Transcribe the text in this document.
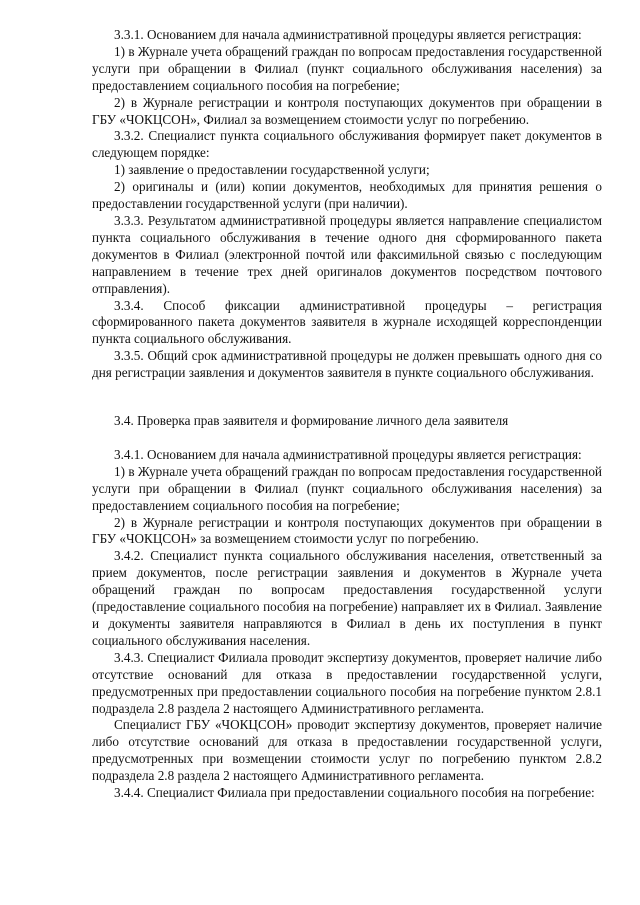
3.3.1. Основанием для начала административной процедуры является регистрация:

1) в Журнале учета обращений граждан по вопросам предоставления государственной услуги при обращении в Филиал (пункт социального обслуживания населения) за предоставлением социального пособия на погребение;

2) в Журнале регистрации и контроля поступающих документов при обращении в ГБУ «ЧОКЦСОН», Филиал за возмещением стоимости услуг по погребению.

3.3.2. Специалист пункта социального обслуживания формирует пакет документов в следующем порядке:

1) заявление о предоставлении государственной услуги;

2) оригиналы и (или) копии документов, необходимых для принятия решения о предоставлении государственной услуги (при наличии).

3.3.3. Результатом административной процедуры является направление специалистом пункта социального обслуживания в течение одного дня сформированного пакета документов в Филиал (электронной почтой или факсимильной связью с последующим направлением в течение трех дней оригиналов документов посредством почтового отправления).

3.3.4. Способ фиксации административной процедуры – регистрация сформированного пакета документов заявителя в журнале исходящей корреспонденции пункта социального обслуживания.

3.3.5. Общий срок административной процедуры не должен превышать одного дня со дня регистрации заявления и документов заявителя в пункте социального обслуживания.

3.4. Проверка прав заявителя и формирование личного дела заявителя

3.4.1. Основанием для начала административной процедуры является регистрация:

1) в Журнале учета обращений граждан по вопросам предоставления государственной услуги при обращении в Филиал (пункт социального обслуживания населения) за предоставлением социального пособия на погребение;

2) в Журнале регистрации и контроля поступающих документов при обращении в ГБУ «ЧОКЦСОН» за возмещением стоимости услуг по погребению.

3.4.2. Специалист пункта социального обслуживания населения, ответственный за прием документов, после регистрации заявления и документов в Журнале учета обращений граждан по вопросам предоставления государственной услуги (предоставление социального пособия на погребение) направляет их в Филиал. Заявление и документы заявителя направляются в Филиал в день их поступления в пункт социального обслуживания населения.

3.4.3. Специалист Филиала проводит экспертизу документов, проверяет наличие либо отсутствие оснований для отказа в предоставлении государственной услуги, предусмотренных при предоставлении социального пособия на погребение пунктом 2.8.1 подраздела 2.8 раздела 2 настоящего Административного регламента.

Специалист ГБУ «ЧОКЦСОН» проводит экспертизу документов, проверяет наличие либо отсутствие оснований для отказа в предоставлении государственной услуги, предусмотренных при возмещении стоимости услуг по погребению пунктом 2.8.2 подраздела 2.8 раздела 2 настоящего Административного регламента.

3.4.4. Специалист Филиала при предоставлении социального пособия на погребение:
